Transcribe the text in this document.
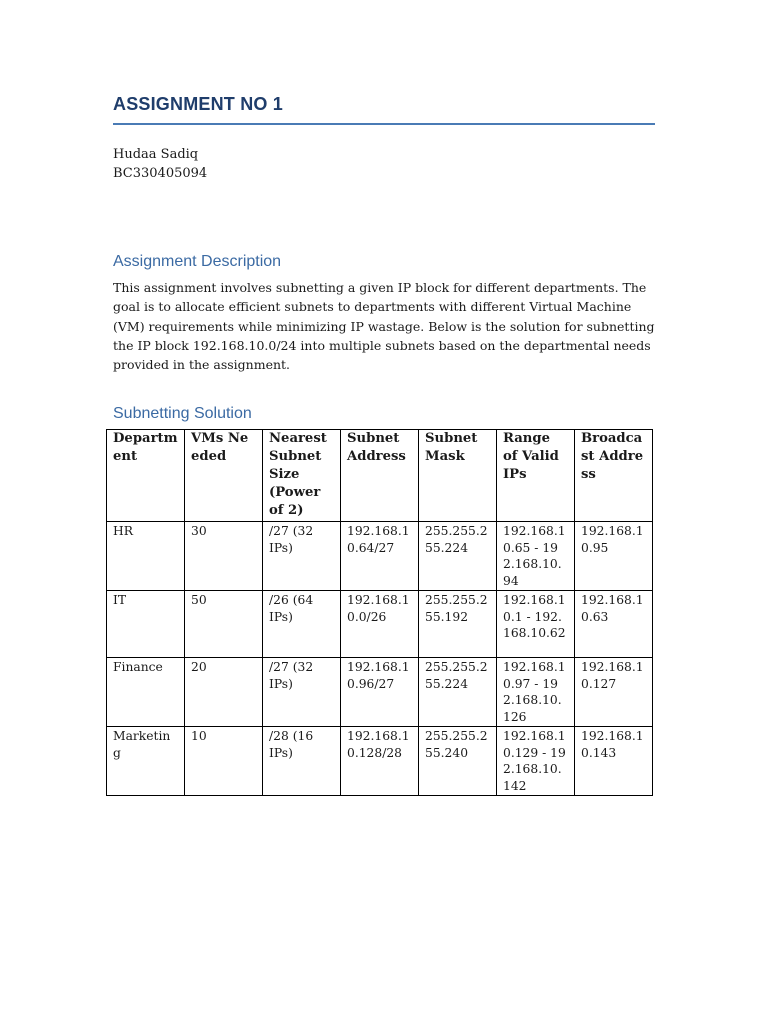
ASSIGNMENT NO 1
Hudaa Sadiq
BC330405094
Assignment Description
This assignment involves subnetting a given IP block for different departments. The goal is to allocate efficient subnets to departments with different Virtual Machine (VM) requirements while minimizing IP wastage. Below is the solution for subnetting the IP block 192.168.10.0/24 into multiple subnets based on the departmental needs provided in the assignment.
Subnetting Solution
Department	VMs Needed	Nearest Subnet Size (Power of 2)	Subnet Address	Subnet Mask	Range of Valid IPs	Broadcast Address
HR	30	/27 (32 IPs)	192.168.10.64/27	255.255.255.224	192.168.10.65 - 192.168.10.94	192.168.10.95
IT	50	/26 (64 IPs)	192.168.10.0/26	255.255.255.192	192.168.10.1 - 192.168.10.62	192.168.10.63
Finance	20	/27 (32 IPs)	192.168.10.96/27	255.255.255.224	192.168.10.97 - 192.168.10.126	192.168.10.127
Marketing	10	/28 (16 IPs)	192.168.10.128/28	255.255.255.240	192.168.10.129 - 192.168.10.142	192.168.10.143
